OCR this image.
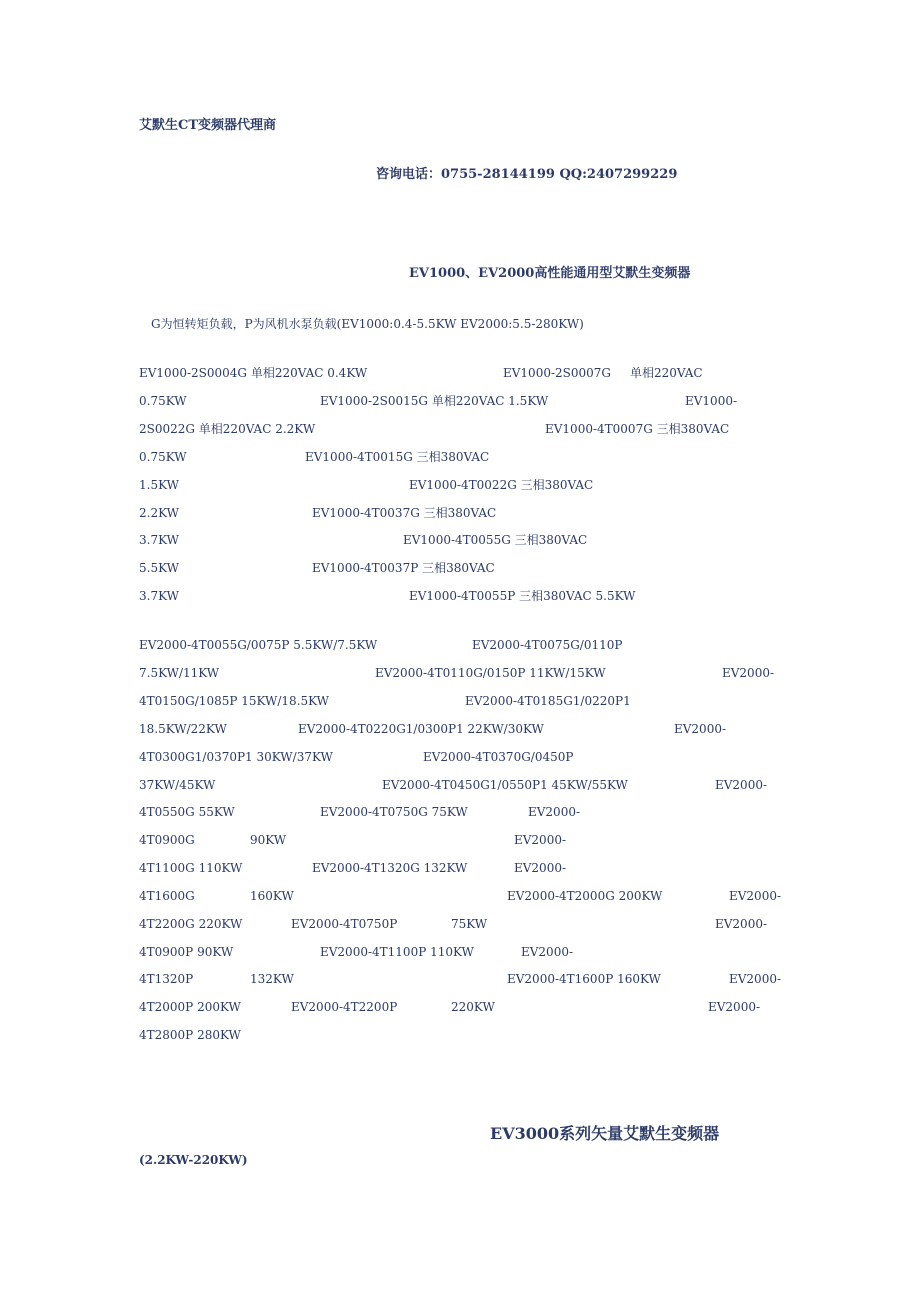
艾默生CT变频器代理商
咨询电话：0755-28144199 QQ:2407299229
EV1000、EV2000高性能通用型艾默生变频器
G为恒转矩负载，P为风机水泵负载(EV1000:0.4-5.5KW EV2000:5.5-280KW)
EV1000-2S0004G 单相220VAC 0.4KW	EV1000-2S0007G 单相220VAC
0.75KW	EV1000-2S0015G 单相220VAC 1.5KW	EV1000-
2S0022G 单相220VAC 2.2KW	EV1000-4T0007G 三相380VAC
0.75KW	EV1000-4T0015G 三相380VAC
1.5KW	EV1000-4T0022G 三相380VAC
2.2KW	EV1000-4T0037G 三相380VAC
3.7KW	EV1000-4T0055G 三相380VAC
5.5KW	EV1000-4T0037P 三相380VAC
3.7KW	EV1000-4T0055P 三相380VAC 5.5KW
EV2000-4T0055G/0075P 5.5KW/7.5KW	EV2000-4T0075G/0110P
7.5KW/11KW	EV2000-4T0110G/0150P 11KW/15KW	EV2000-
4T0150G/1085P 15KW/18.5KW	EV2000-4T0185G1/0220P1
18.5KW/22KW	EV2000-4T0220G1/0300P1 22KW/30KW	EV2000-
4T0300G1/0370P1 30KW/37KW	EV2000-4T0370G/0450P
37KW/45KW	EV2000-4T0450G1/0550P1 45KW/55KW	EV2000-
4T0550G 55KW	EV2000-4T0750G 75KW	EV2000-
4T0900G	90KW	EV2000-
4T1100G 110KW	EV2000-4T1320G 132KW	EV2000-
4T1600G	160KW	EV2000-4T2000G 200KW	EV2000-
4T2200G 220KW	EV2000-4T0750P	75KW	EV2000-
4T0900P 90KW	EV2000-4T1100P 110KW	EV2000-
4T1320P	132KW	EV2000-4T1600P 160KW	EV2000-
4T2000P 200KW	EV2000-4T2200P	220KW	EV2000-
4T2800P 280KW
EV3000系列矢量艾默生变频器
(2.2KW-220KW)
